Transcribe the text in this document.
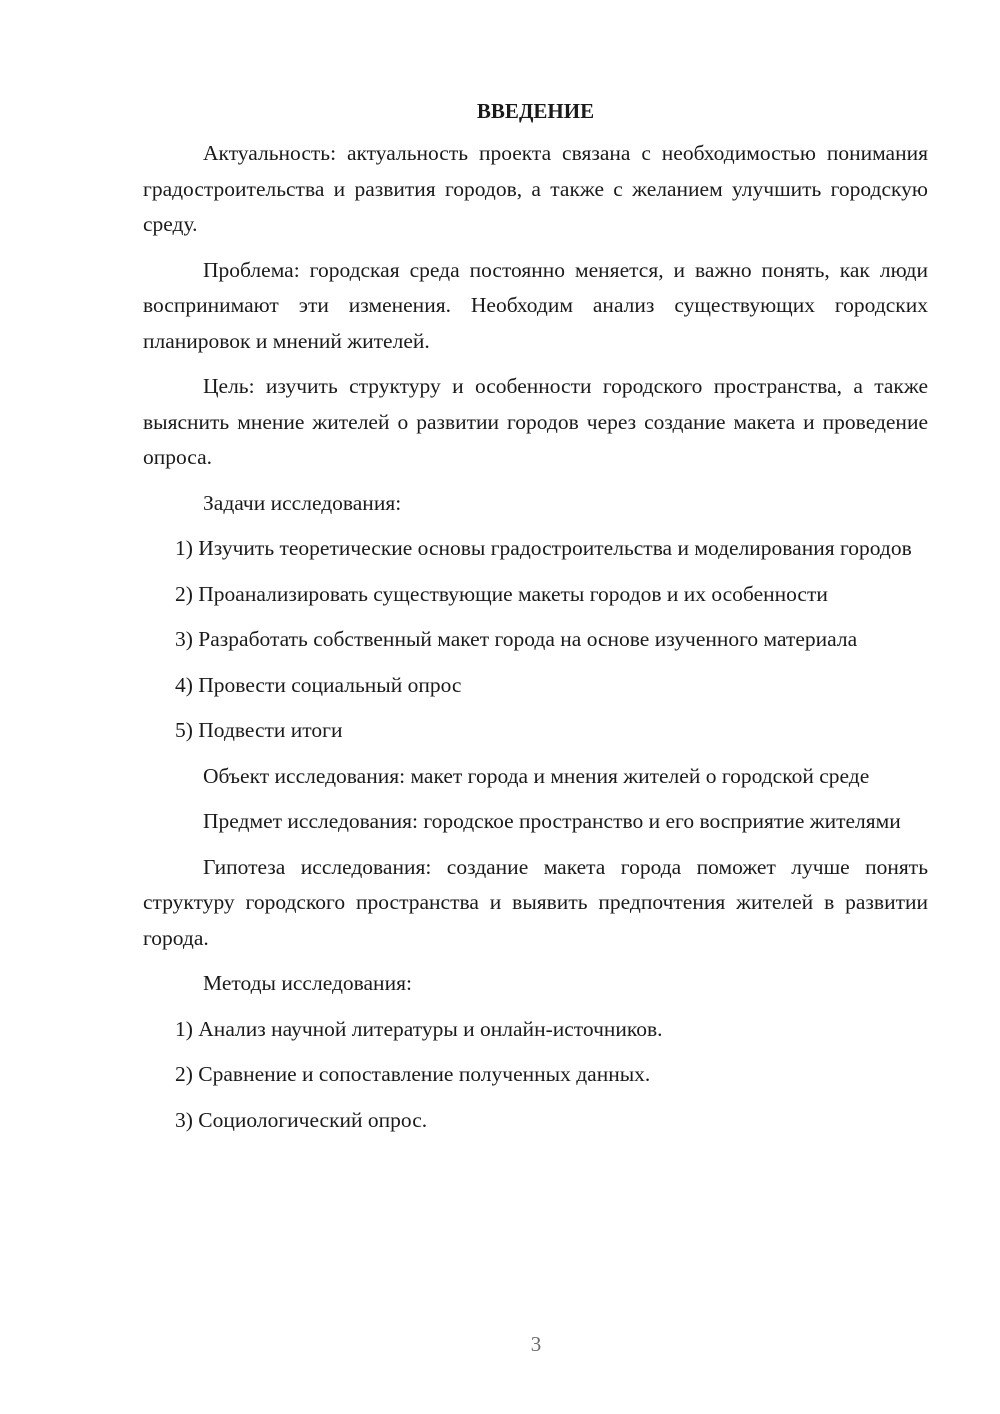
ВВЕДЕНИЕ

Актуальность: актуальность проекта связана с необходимостью понимания градостроительства и развития городов, а также с желанием улучшить городскую среду.

Проблема: городская среда постоянно меняется, и важно понять, как люди воспринимают эти изменения. Необходим анализ существующих городских планировок и мнений жителей.

Цель: изучить структуру и особенности городского пространства, а также выяснить мнение жителей о развитии городов через создание макета и проведение опроса.

Задачи исследования:

1) Изучить теоретические основы градостроительства и моделирования городов

2) Проанализировать существующие макеты городов и их особенности

3) Разработать собственный макет города на основе изученного материала

4) Провести социальный опрос

5) Подвести итоги

Объект исследования: макет города и мнения жителей о городской среде

Предмет исследования: городское пространство и его восприятие жителями

Гипотеза исследования: создание макета города поможет лучше понять структуру городского пространства и выявить предпочтения жителей в развитии города.

Методы исследования:

1) Анализ научной литературы и онлайн-источников.

2) Сравнение и сопоставление полученных данных.

3) Социологический опрос.

3
